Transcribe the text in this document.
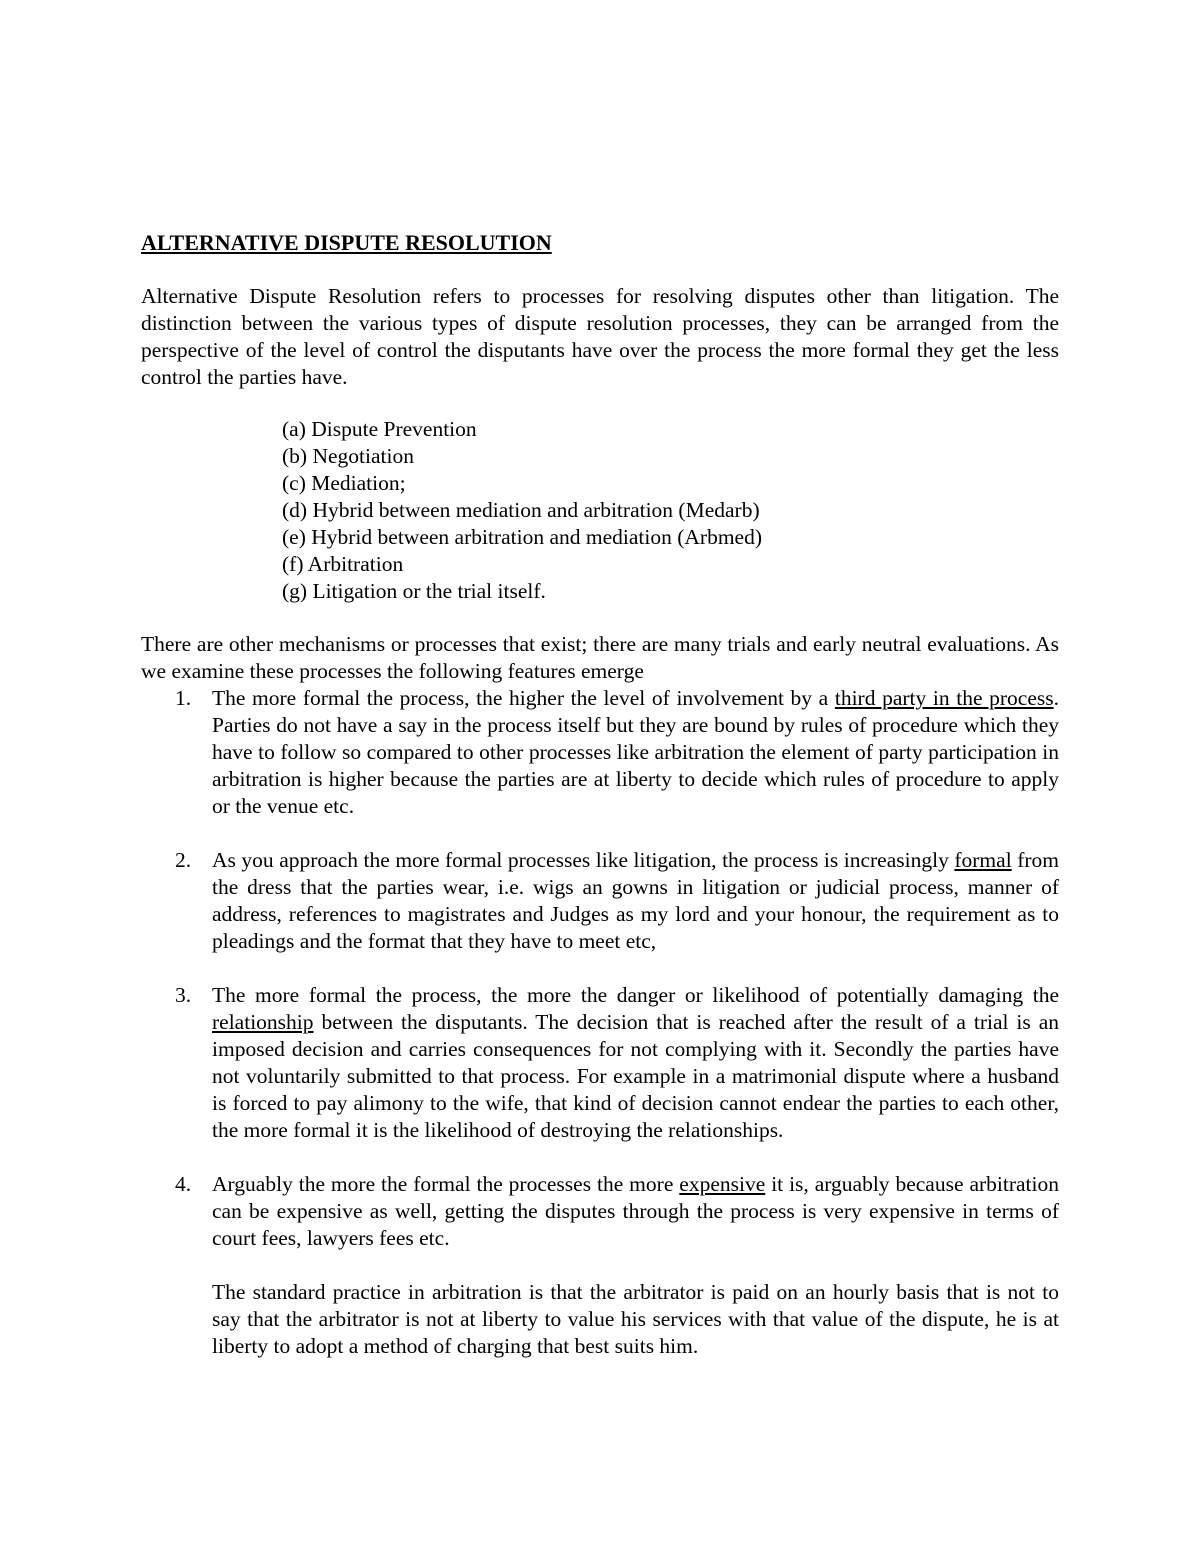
ALTERNATIVE DISPUTE RESOLUTION

Alternative Dispute Resolution refers to processes for resolving disputes other than litigation. The distinction between the various types of dispute resolution processes, they can be arranged from the perspective of the level of control the disputants have over the process the more formal they get the less control the parties have.

(a) Dispute Prevention
(b) Negotiation
(c) Mediation;
(d) Hybrid between mediation and arbitration (Medarb)
(e) Hybrid between arbitration and mediation (Arbmed)
(f) Arbitration
(g) Litigation or the trial itself.

There are other mechanisms or processes that exist; there are many trials and early neutral evaluations. As we examine these processes the following features emerge

1. The more formal the process, the higher the level of involvement by a third party in the process. Parties do not have a say in the process itself but they are bound by rules of procedure which they have to follow so compared to other processes like arbitration the element of party participation in arbitration is higher because the parties are at liberty to decide which rules of procedure to apply or the venue etc.

2. As you approach the more formal processes like litigation, the process is increasingly formal from the dress that the parties wear, i.e. wigs an gowns in litigation or judicial process, manner of address, references to magistrates and Judges as my lord and your honour, the requirement as to pleadings and the format that they have to meet etc,

3. The more formal the process, the more the danger or likelihood of potentially damaging the relationship between the disputants. The decision that is reached after the result of a trial is an imposed decision and carries consequences for not complying with it. Secondly the parties have not voluntarily submitted to that process. For example in a matrimonial dispute where a husband is forced to pay alimony to the wife, that kind of decision cannot endear the parties to each other, the more formal it is the likelihood of destroying the relationships.

4. Arguably the more the formal the processes the more expensive it is, arguably because arbitration can be expensive as well, getting the disputes through the process is very expensive in terms of court fees, lawyers fees etc.

The standard practice in arbitration is that the arbitrator is paid on an hourly basis that is not to say that the arbitrator is not at liberty to value his services with that value of the dispute, he is at liberty to adopt a method of charging that best suits him.
